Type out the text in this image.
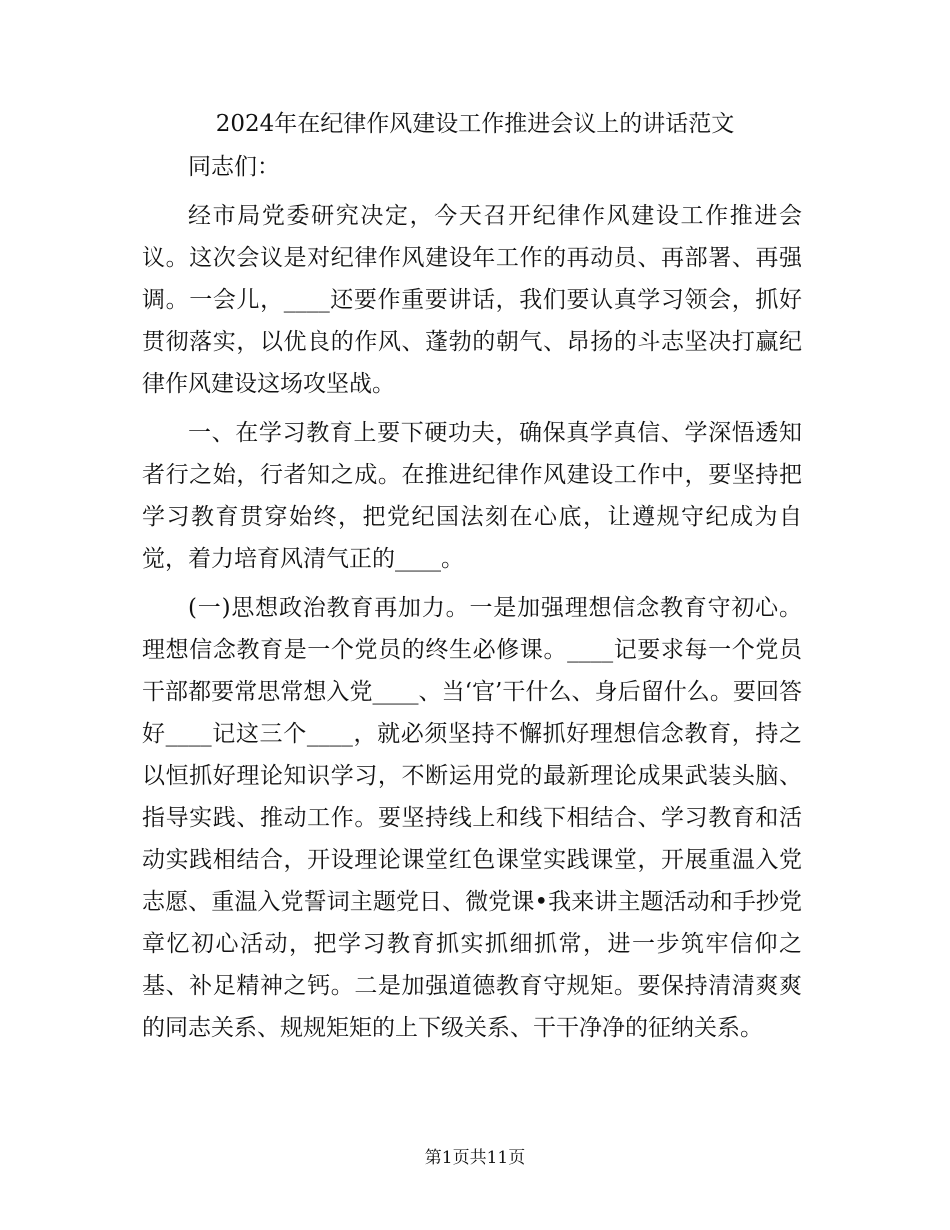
2024年在纪律作风建设工作推进会议上的讲话范文

同志们：

经市局党委研究决定，今天召开纪律作风建设工作推进会议。这次会议是对纪律作风建设年工作的再动员、再部署、再强调。一会儿，____还要作重要讲话，我们要认真学习领会，抓好贯彻落实，以优良的作风、蓬勃的朝气、昂扬的斗志坚决打赢纪律作风建设这场攻坚战。

一、在学习教育上要下硬功夫，确保真学真信、学深悟透知者行之始，行者知之成。在推进纪律作风建设工作中，要坚持把学习教育贯穿始终，把党纪国法刻在心底，让遵规守纪成为自觉，着力培育风清气正的____。

(一)思想政治教育再加力。一是加强理想信念教育守初心。理想信念教育是一个党员的终生必修课。____记要求每一个党员干部都要常思常想入党____、当‘官’干什么、身后留什么。要回答好____记这三个____，就必须坚持不懈抓好理想信念教育，持之以恒抓好理论知识学习，不断运用党的最新理论成果武装头脑、指导实践、推动工作。要坚持线上和线下相结合、学习教育和活动实践相结合，开设理论课堂红色课堂实践课堂，开展重温入党志愿、重温入党誓词主题党日、微党课•我来讲主题活动和手抄党章忆初心活动，把学习教育抓实抓细抓常，进一步筑牢信仰之基、补足精神之钙。二是加强道德教育守规矩。要保持清清爽爽的同志关系、规规矩矩的上下级关系、干干净净的征纳关系。

第1页共11页
